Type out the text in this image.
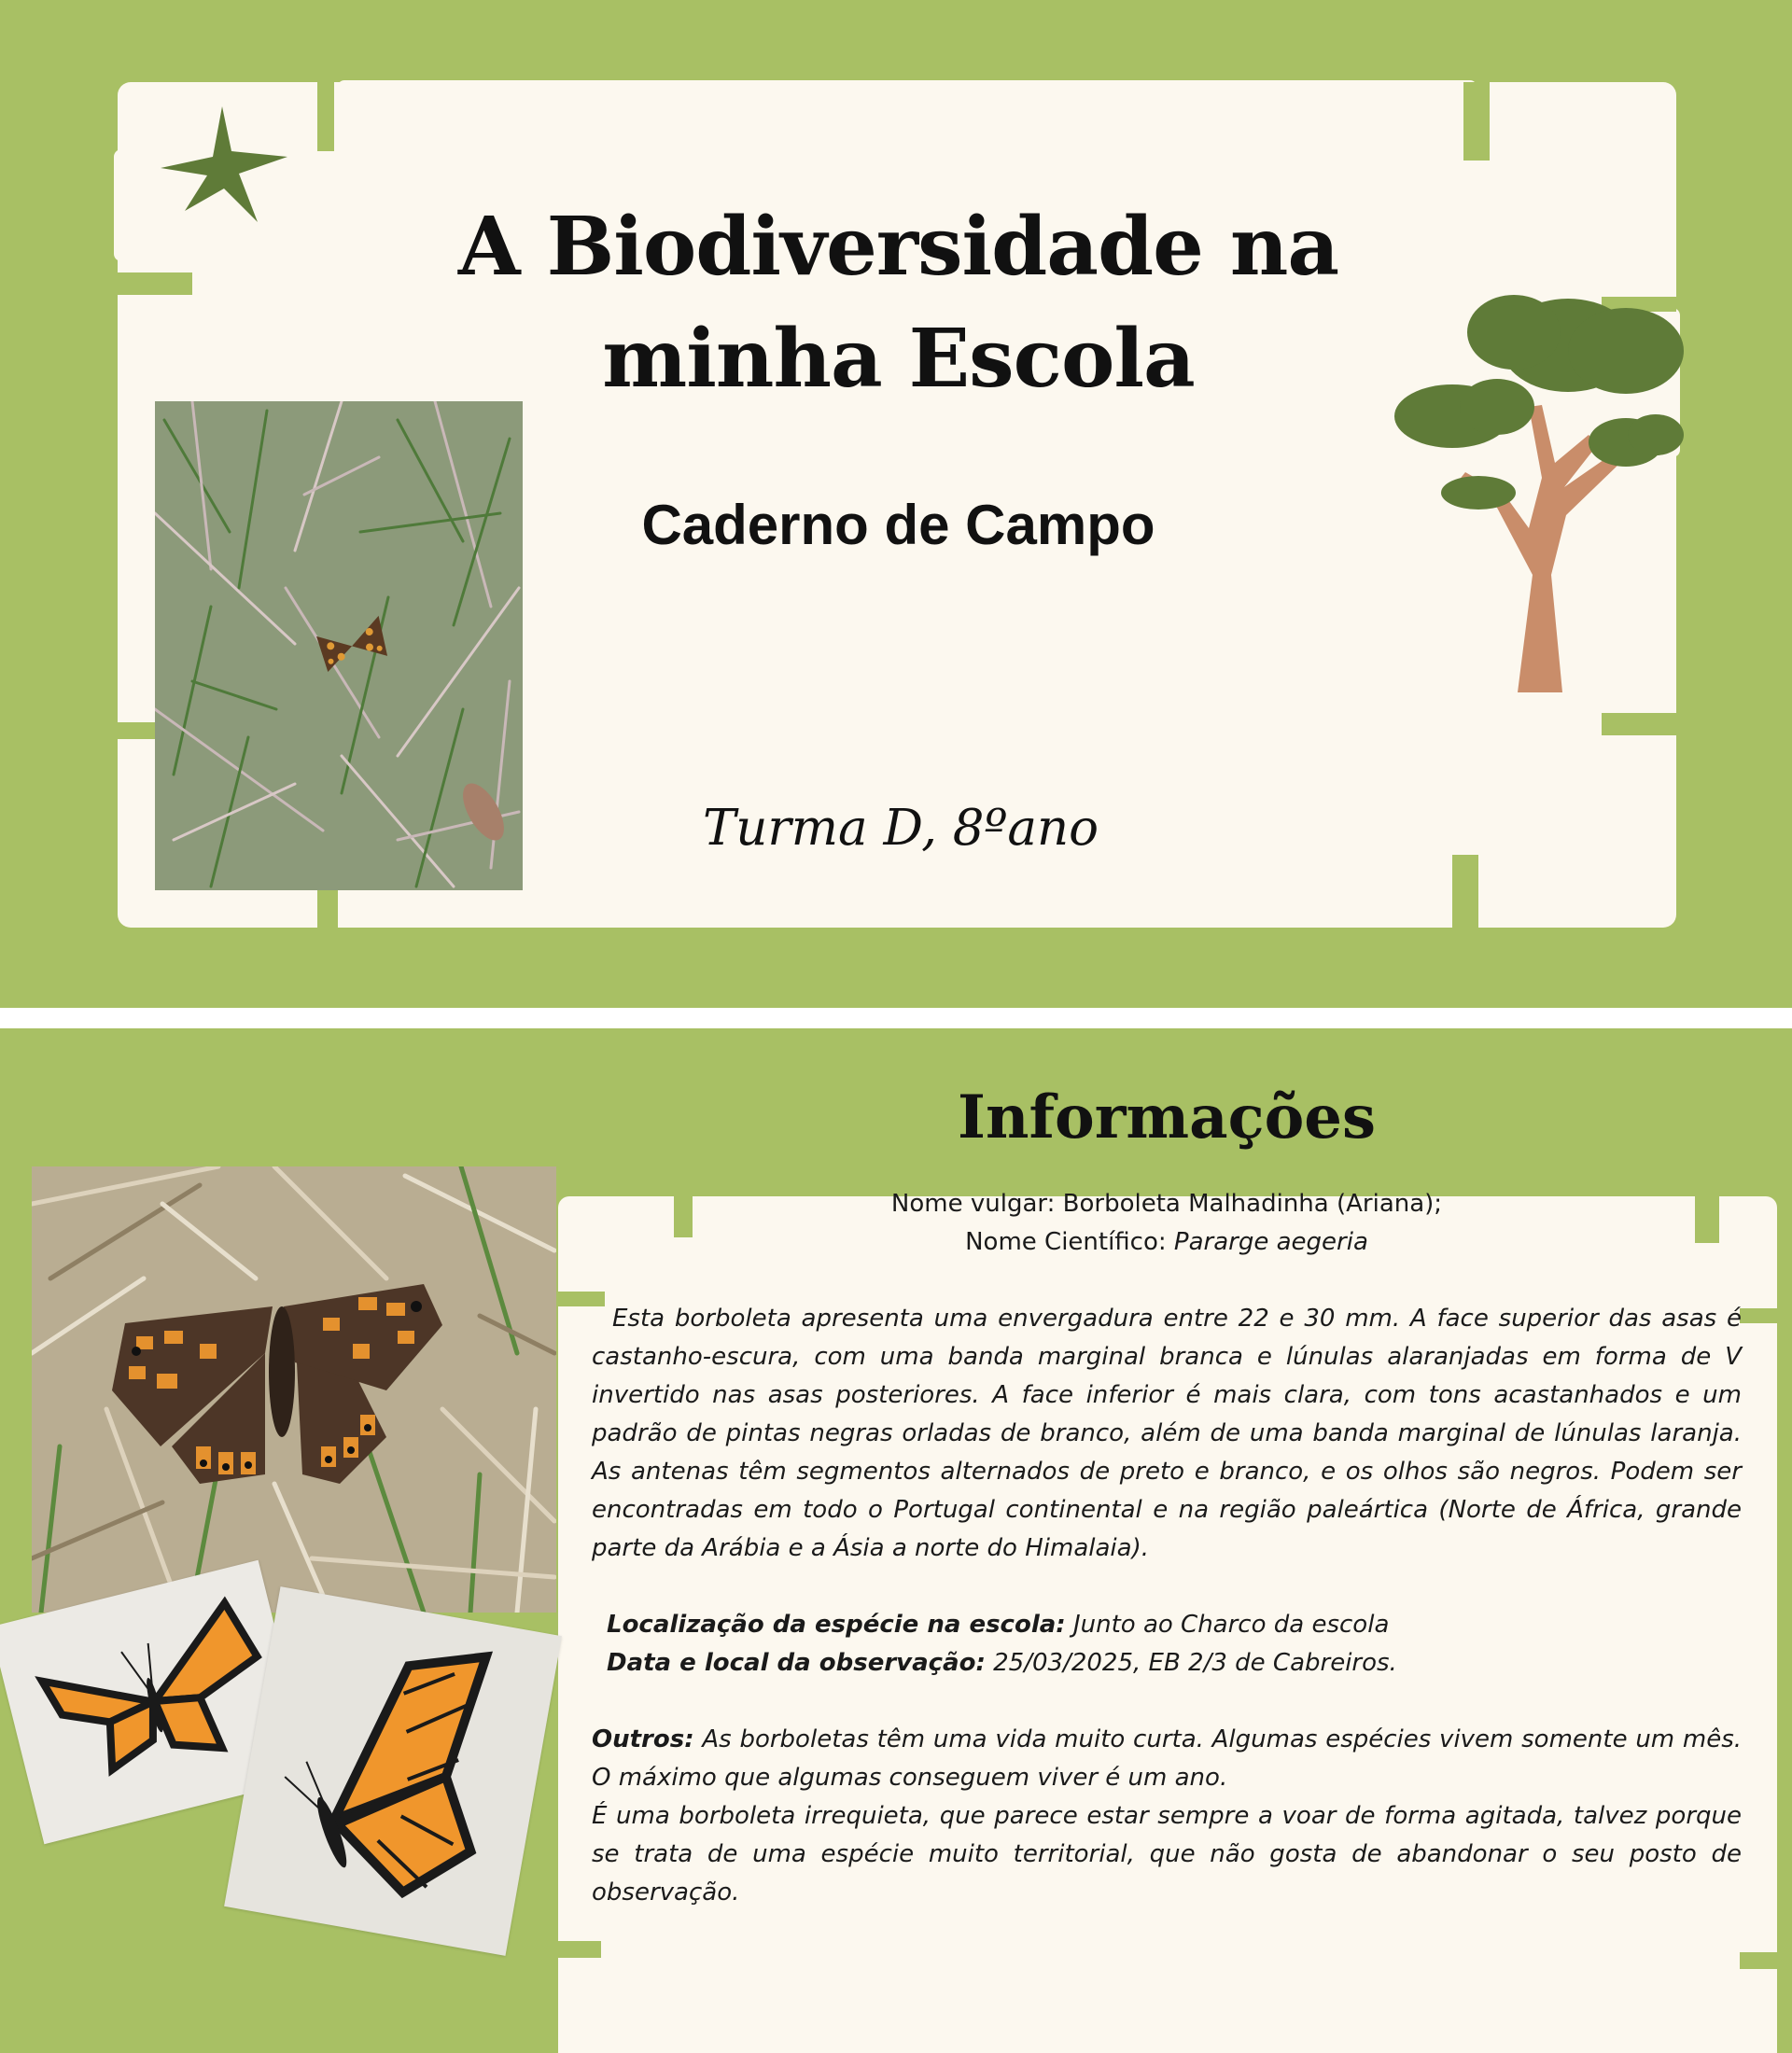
A Biodiversidade na minha Escola
Caderno de Campo

Turma D, 8ºano

Informações

Nome vulgar: Borboleta Malhadinha (Ariana);

Nome Científico: Pararge aegeria

Esta borboleta apresenta uma envergadura entre 22 e 30 mm. A face superior das asas é castanho-escura, com uma banda marginal branca e lúnulas alaranjadas em forma de V invertido nas asas posteriores. A face inferior é mais clara, com tons acastanhados e um padrão de pintas negras orladas de branco, além de uma banda marginal de lúnulas laranja. As antenas têm segmentos alternados de preto e branco, e os olhos são negros. Podem ser encontradas em todo o Portugal continental e na região paleártica (Norte de África, grande parte da Arábia e a Ásia a norte do Himalaia).

Localização da espécie na escola: Junto ao Charco da escola

Data e local da observação: 25/03/2025, EB 2/3 de Cabreiros.

Outros: As borboletas têm uma vida muito curta. Algumas espécies vivem somente um mês. O máximo que algumas conseguem viver é um ano.

É uma borboleta irrequieta, que parece estar sempre a voar de forma agitada, talvez porque se trata de uma espécie muito territorial, que não gosta de abandonar o seu posto de observação.
